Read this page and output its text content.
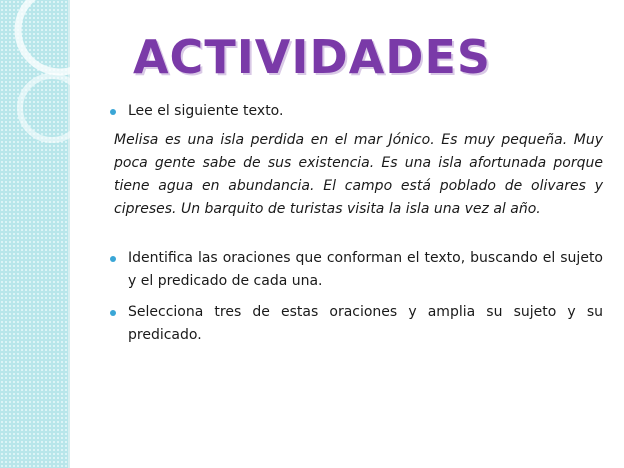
ACTIVIDADES
Lee el siguiente texto.
Melisa es una isla perdida en el mar Jónico. Es muy pequeña. Muy poca gente sabe de sus existencia. Es una isla afortunada porque tiene agua en abundancia. El campo está poblado de olivares y cipreses. Un barquito de turistas visita la isla una vez al año.
Identifica las oraciones que conforman el texto, buscando el sujeto y el predicado de cada una.
Selecciona tres de estas oraciones y amplia su sujeto y su predicado.
